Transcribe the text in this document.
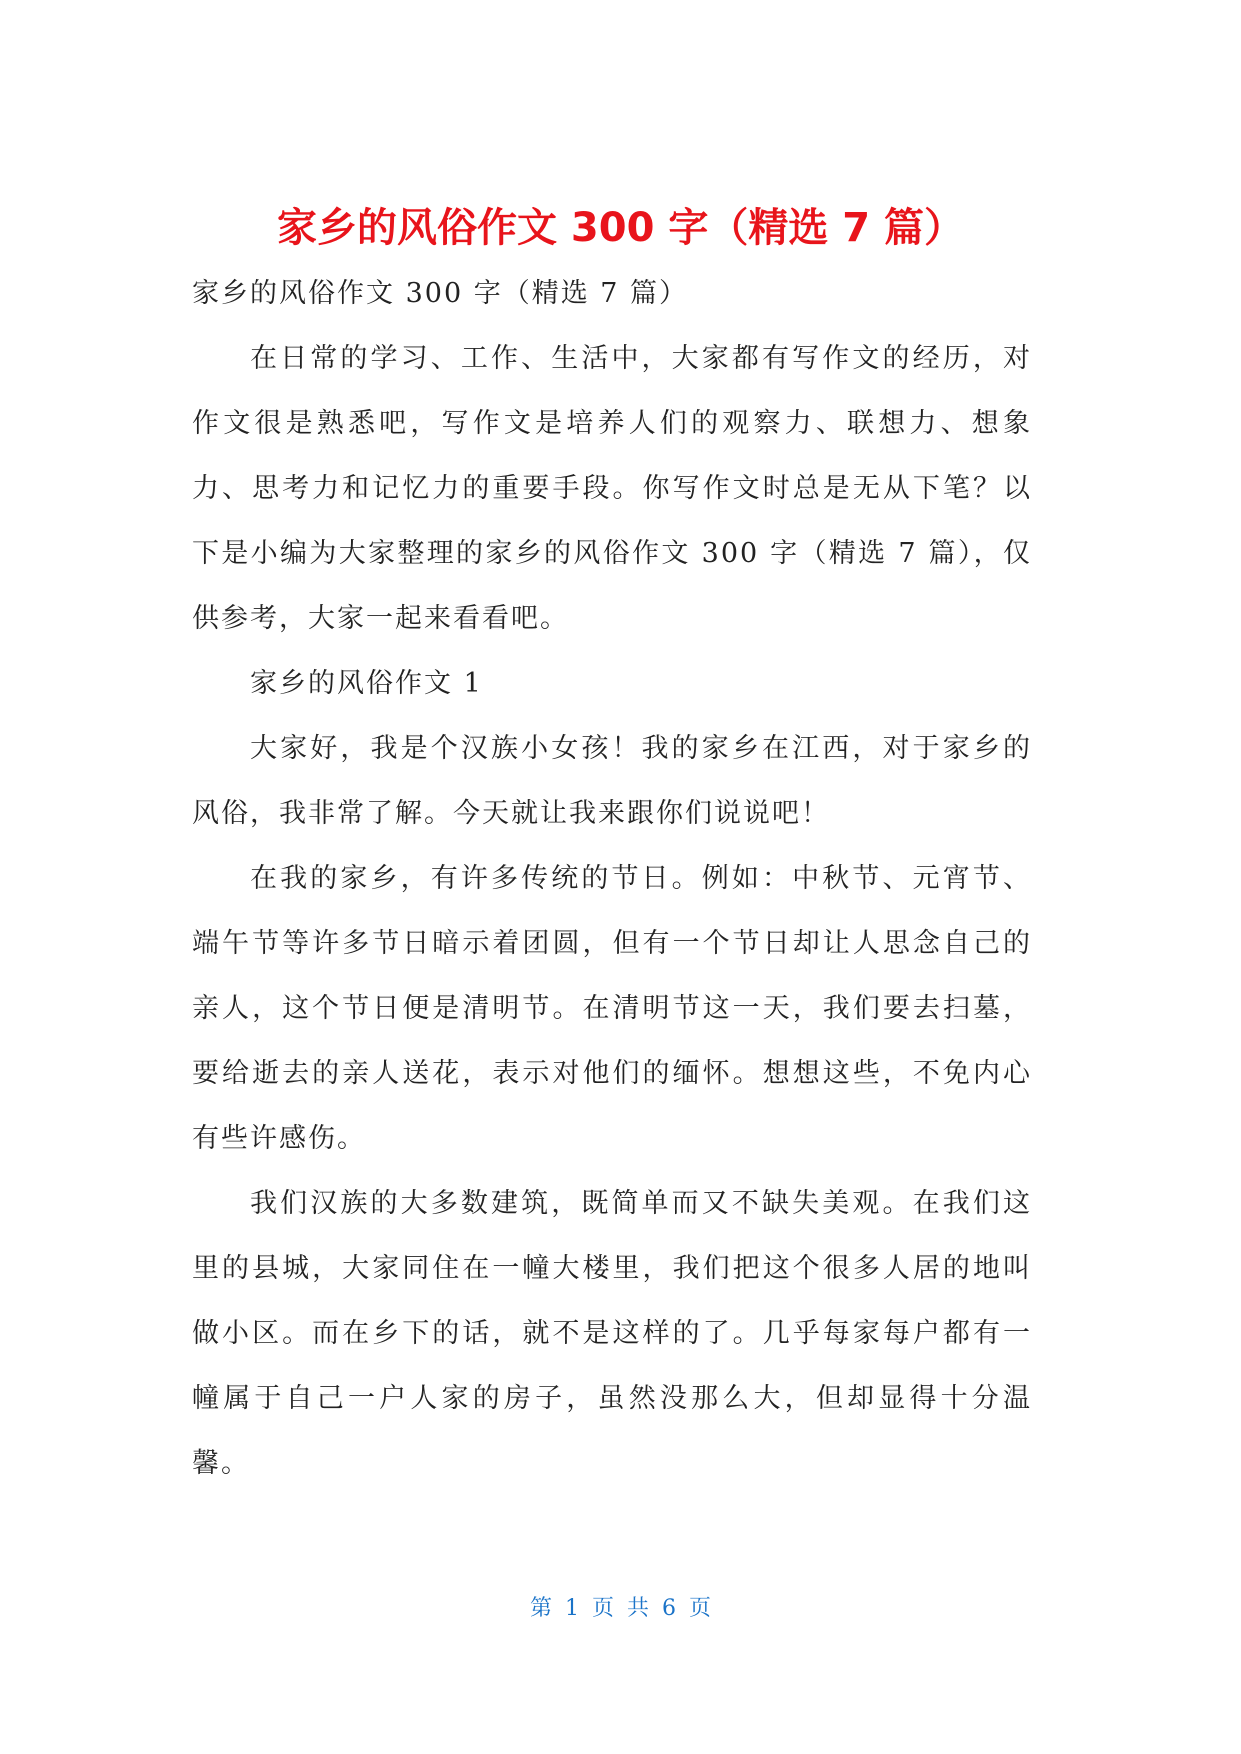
家乡的风俗作文 300 字（精选 7 篇）

家乡的风俗作文 300 字（精选 7 篇）

在日常的学习、工作、生活中，大家都有写作文的经历，对作文很是熟悉吧，写作文是培养人们的观察力、联想力、想象力、思考力和记忆力的重要手段。你写作文时总是无从下笔？以下是小编为大家整理的家乡的风俗作文 300 字（精选 7 篇），仅供参考，大家一起来看看吧。

家乡的风俗作文 1

大家好，我是个汉族小女孩！我的家乡在江西，对于家乡的风俗，我非常了解。今天就让我来跟你们说说吧！

在我的家乡，有许多传统的节日。例如：中秋节、元宵节、端午节等许多节日暗示着团圆，但有一个节日却让人思念自己的亲人，这个节日便是清明节。在清明节这一天，我们要去扫墓，要给逝去的亲人送花，表示对他们的缅怀。想想这些，不免内心有些许感伤。

我们汉族的大多数建筑，既简单而又不缺失美观。在我们这里的县城，大家同住在一幢大楼里，我们把这个很多人居的地叫做小区。而在乡下的话，就不是这样的了。几乎每家每户都有一幢属于自己一户人家的房子，虽然没那么大，但却显得十分温馨。

第 1 页 共 6 页
